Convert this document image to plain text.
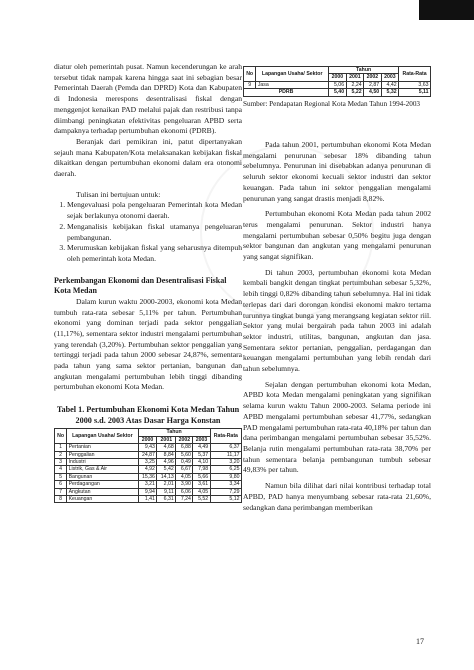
diatur oleh pemerintah pusat. Namun kecenderungan ke arah tersebut tidak nampak karena hingga saat ini sebagian besar Pemerintah Daerah (Pemda dan DPRD) Kota dan Kabupaten di Indonesia merespons desentralisasi fiskal dengan menggenjot kenaikan PAD melalui pajak dan restribusi tanpa diimbangi peningkatan efektivitas pengeluaran APBD serta dampaknya terhadap pertumbuhan ekonomi (PDRB).

Beranjak dari pemikiran ini, patut dipertanyakan sejauh mana Kabupaten/Kota melaksanakan kebijakan fiskal dikaitkan dengan pertumbuhan ekonomi dalam era otonomi daerah.

Tulisan ini bertujuan untuk:

1. Mengevaluasi pola pengeluaran Pemerintah kota Medan sejak berlakunya otonomi daerah.
2. Menganalisis kebijakan fiskal utamanya pengeluaran pembangunan.
3. Merumuskan kebijakan fiskal yang seharusnya ditempuh oleh pemerintah kota Medan.
Perkembangan Ekonomi dan Desentralisasi Fiskal Kota Medan

Dalam kurun waktu 2000-2003, ekonomi kota Medan tumbuh rata-rata sebesar 5,11% per tahun. Pertumbuhan ekonomi yang dominan terjadi pada sektor penggalian (11,17%), sementara sektor industri mengalami pertumbuhan yang terendah (3,20%). Pertumbuhan sektor penggalian yang tertinggi terjadi pada tahun 2000 sebesar 24,87%, sementara pada tahun yang sama sektor pertanian, bangunan dan angkutan mengalami pertumbuhan lebih tinggi dibanding pertumbuhan ekonomi Kota Medan.

Tabel 1. Pertumbuhan Ekonomi Kota Medan Tahun 2000 s.d. 2003 Atas Dasar Harga Konstan
No	Lapangan Usaha/ Sektor	Tahun				Rata-Rata
		2000	2001	2002	2003	
1	Pertanian	9,43	4,68	6,88	4,49	6,37
2	Penggalian	24,87	8,84	5,60	5,37	11,17
3	Industri	3,25	4,96	0,49	4,10	3,20
4	Listrik, Gas & Air	4,92	5,42	6,67	7,98	6,25
5	Bangunan	15,36	14,13	4,05	5,66	9,80
6	Perdagangan	3,21	2,01	3,90	3,61	3,34
7	Angkutan	9,94	9,11	6,06	4,05	7,29
8	Keuangan	1,41	6,31	7,24	5,52	5,12
No	Lapangan Usaha/ Sektor	Tahun				Rata-Rata
		2000	2001	2002	2003	
9	Jasa	5,06	2,24	2,87	4,42	3,63
PDRB		5,40	5,22	4,50	5,32	5,11

Sumber: Pendapatan Regional Kota Medan Tahun 1994-2003

Pada tahun 2001, pertumbuhan ekonomi Kota Medan mengalami penurunan sebesar 18% dibanding tahun sebelumnya. Penurunan ini disebabkan adanya penurunan di seluruh sektor ekonomi kecuali sektor industri dan sektor keuangan. Pada tahun ini sektor penggalian mengalami penurunan yang sangat drastis menjadi 8,82%.

Pertumbuhan ekonomi Kota Medan pada tahun 2002 terus mengalami penurunan. Sektor industri hanya mengalami pertumbuhan sebesar 0,50% begitu juga dengan sektor bangunan dan angkutan yang mengalami penurunan yang sangat signifikan.

Di tahun 2003, pertumbuhan ekonomi kota Medan kembali bangkit dengan tingkat pertumbuhan sebesar 5,32%, lebih tinggi 0,82% dibanding tahun sebelumnya. Hal ini tidak terlepas dari dari dorongan kondisi ekonomi makro tertama turunnya tingkat bunga yang merangsang kegiatan sektor riil. Sektor yang mulai bergairah pada tahun 2003 ini adalah sektor industri, utilitas, bangunan, angkutan dan jasa. Sementara sektor pertanian, penggalian, perdagangan dan keuangan mengalami pertumbuhan yang lebih rendah dari tahun sebelumnya.

Sejalan dengan pertumbuhan ekonomi kota Medan, APBD kota Medan mengalami peningkatan yang signifikan selama kurun waktu Tahun 2000-2003. Selama periode ini APBD mengalami pertumbuhan sebesar 41,77%, sedangkan PAD mengalami pertumbuhan rata-rata 40,18% per tahun dan dana perimbangan mengalami pertumbuhan sebesar 35,52%. Belanja rutin mengalami pertumbuhan rata-rata 38,70% per tahun sementara belanja pembangunan tumbuh sebesar 49,83% per tahun.

Namun bila dilihat dari nilai kontribusi terhadap total APBD, PAD hanya menyumbang sebesar rata-rata 21,60%, sedangkan dana perimbangan memberikan

17
